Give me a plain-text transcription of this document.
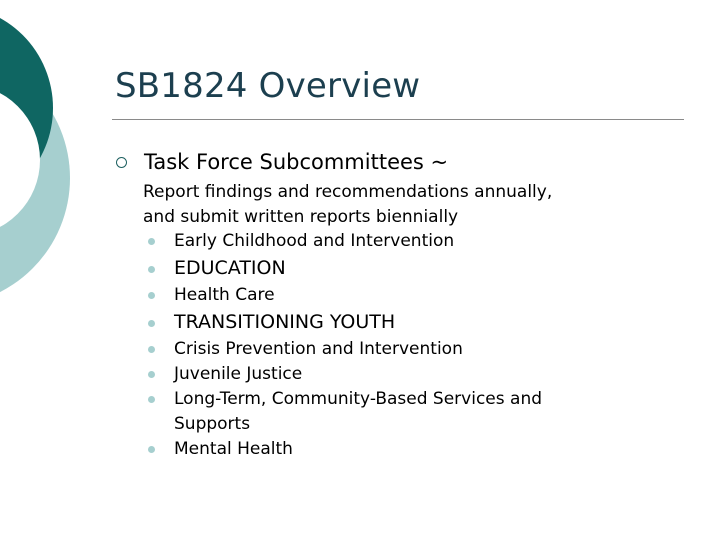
SB1824 Overview
Task Force Subcommittees ~
Report findings and recommendations annually,
and submit written reports biennially
Early Childhood and Intervention
EDUCATION
Health Care
TRANSITIONING YOUTH
Crisis Prevention and Intervention
Juvenile Justice
Long-Term, Community-Based Services and
Supports
Mental Health
